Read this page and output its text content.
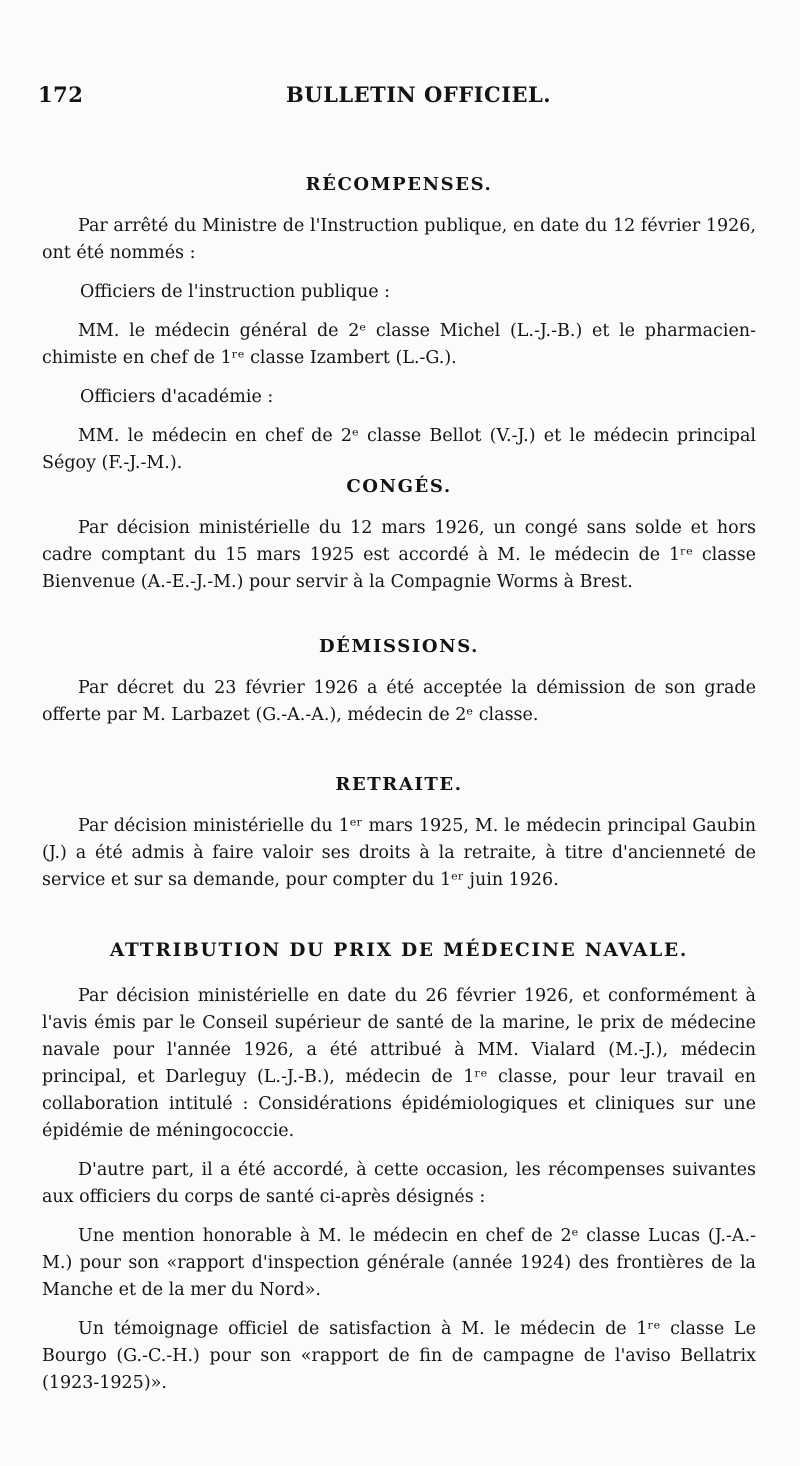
172	BULLETIN OFFICIEL.
RÉCOMPENSES.

Par arrêté du Ministre de l'Instruction publique, en date du 12 février 1926, ont été nommés :

Officiers de l'instruction publique :

MM. le médecin général de 2ᵉ classe Michel (L.-J.-B.) et le pharmacien-chimiste en chef de 1ʳᵉ classe Izambert (L.-G.).

Officiers d'académie :

MM. le médecin en chef de 2ᵉ classe Bellot (V.-J.) et le médecin principal Ségoy (F.-J.-M.).

CONGÉS.

Par décision ministérielle du 12 mars 1926, un congé sans solde et hors cadre comptant du 15 mars 1925 est accordé à M. le médecin de 1ʳᵉ classe Bienvenue (A.-E.-J.-M.) pour servir à la Compagnie Worms à Brest.

DÉMISSIONS.

Par décret du 23 février 1926 a été acceptée la démission de son grade offerte par M. Larbazet (G.-A.-A.), médecin de 2ᵉ classe.

RETRAITE.

Par décision ministérielle du 1ᵉʳ mars 1925, M. le médecin principal Gaubin (J.) a été admis à faire valoir ses droits à la retraite, à titre d'ancienneté de service et sur sa demande, pour compter du 1ᵉʳ juin 1926.

ATTRIBUTION DU PRIX DE MÉDECINE NAVALE.

Par décision ministérielle en date du 26 février 1926, et conformément à l'avis émis par le Conseil supérieur de santé de la marine, le prix de médecine navale pour l'année 1926, a été attribué à MM. Vialard (M.-J.), médecin principal, et Darleguy (L.-J.-B.), médecin de 1ʳᵉ classe, pour leur travail en collaboration intitulé : Considérations épidémiologiques et cliniques sur une épidémie de méningococcie.

D'autre part, il a été accordé, à cette occasion, les récompenses suivantes aux officiers du corps de santé ci-après désignés :

Une mention honorable à M. le médecin en chef de 2ᵉ classe Lucas (J.-A.-M.) pour son «rapport d'inspection générale (année 1924) des frontières de la Manche et de la mer du Nord».

Un témoignage officiel de satisfaction à M. le médecin de 1ʳᵉ classe Le Bourgo (G.-C.-H.) pour son «rapport de fin de campagne de l'aviso Bellatrix (1923-1925)».
